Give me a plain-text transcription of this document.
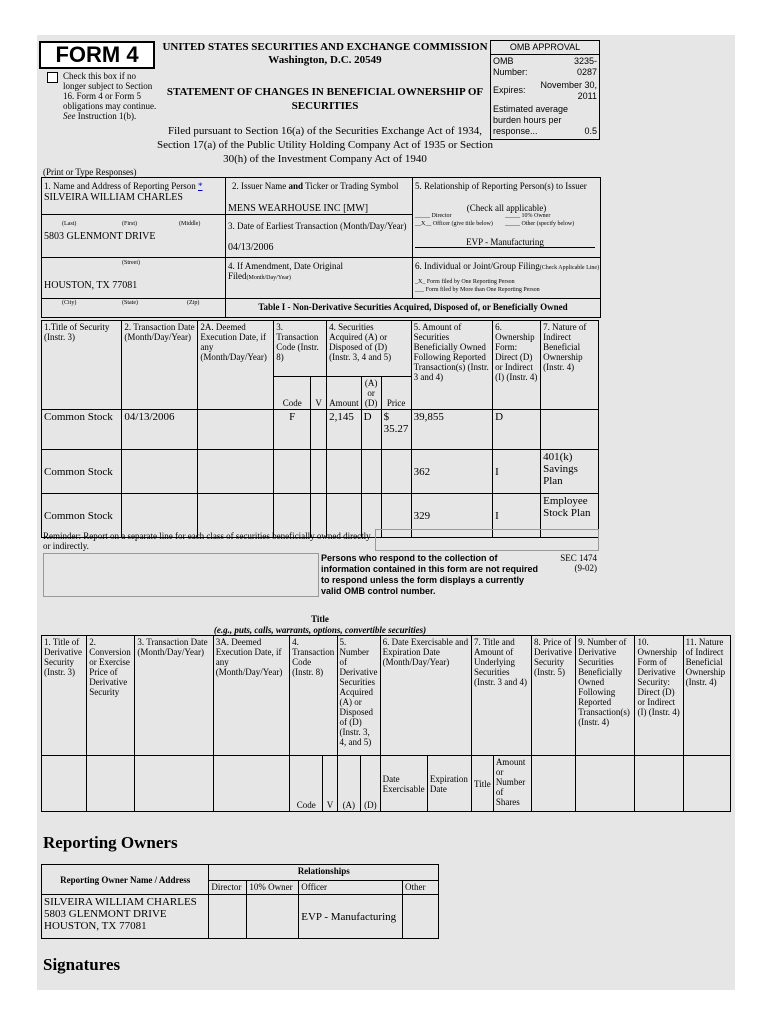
FORM 4
Check this box if no longer subject to Section 16. Form 4 or Form 5 obligations may continue. See Instruction 1(b).
UNITED STATES SECURITIES AND EXCHANGE COMMISSION
Washington, D.C. 20549
STATEMENT OF CHANGES IN BENEFICIAL OWNERSHIP OF SECURITIES
Filed pursuant to Section 16(a) of the Securities Exchange Act of 1934, Section 17(a) of the Public Utility Holding Company Act of 1935 or Section 30(h) of the Investment Company Act of 1940
OMB APPROVAL
OMB Number:
3235-0287
Expires:	November 30, 2011
Estimated average burden hours per response...	0.5
(Print or Type Responses)
1. Name and Address of Reporting Person *
SILVEIRA WILLIAM CHARLES
(Last)	(First)	(Middle)
5803 GLENMONT DRIVE
(Street)
HOUSTON, TX 77081
2. Issuer Name and Ticker or Trading Symbol
MENS WEARHOUSE INC [MW]
3. Date of Earliest Transaction (Month/Day/Year)
04/13/2006
4. If Amendment, Date Original Filed(Month/Day/Year)
5. Relationship of Reporting Person(s) to Issuer
(Check all applicable)
_____ Director	_____ 10% Owner
__X__ Officer (give title below)	_____ Other (specify below)
EVP - Manufacturing
6. Individual or Joint/Group Filing(Check Applicable Line)
_X_ Form filed by One Reporting Person
___ Form filed by More than One Reporting Person
(City)	(State)	(Zip)	Table I - Non-Derivative Securities Acquired, Disposed of, or Beneficially Owned
1.Title of Security (Instr. 3)	2. Transaction Date (Month/Day/Year)	2A. Deemed Execution Date, if any (Month/Day/Year)	3. Transaction Code (Instr. 8)		4. Securities Acquired (A) or Disposed of (D) (Instr. 3, 4 and 5)			5. Amount of Securities Beneficially Owned Following Reported Transaction(s) (Instr. 3 and 4)	6. Ownership Form: Direct (D) or Indirect (I) (Instr. 4)	7. Nature of Indirect Beneficial Ownership (Instr. 4)
			Code	V	Amount	(A) or (D)	Price			
Common Stock	04/13/2006		F		2,145	D	$ 35.27	39,855	D	
Common Stock								362	I	401(k) Savings Plan
Common Stock								329	I	Employee Stock Plan
Reminder: Report on a separate line for each class of securities beneficially owned directly or indirectly.
Persons who respond to the collection of information contained in this form are not required to respond unless the form displays a currently valid OMB control number.
SEC 1474
(9-02)
Title
(e.g., puts, calls, warrants, options, convertible securities)
1. Title of Derivative Security (Instr. 3)	2. Conversion or Exercise Price of Derivative Security	3. Transaction Date (Month/Day/Year)	3A. Deemed Execution Date, if any (Month/Day/Year)	4. Transaction Code (Instr. 8)		5. Number of Derivative Securities Acquired (A) or Disposed of (D) (Instr. 3, 4, and 5)		6. Date Exercisable and Expiration Date (Month/Day/Year)		7. Title and Amount of Underlying Securities (Instr. 3 and 4)		8. Price of Derivative Security (Instr. 5)	9. Number of Derivative Securities Beneficially Owned Following Reported Transaction(s) (Instr. 4)	10. Ownership Form of Derivative Security: Direct (D) or Indirect (I) (Instr. 4)	11. Nature of Indirect Beneficial Ownership (Instr. 4)
				Code	V	(A)	(D)	Date Exercisable	Expiration Date	Title	Amount or Number of Shares				
Reporting Owners
Reporting Owner Name / Address	Relationships			
	Director	10% Owner	Officer	Other

SILVEIRA WILLIAM CHARLES
5803 GLENMONT DRIVE
HOUSTON, TX 77081			EVP - Manufacturing	
Signatures
